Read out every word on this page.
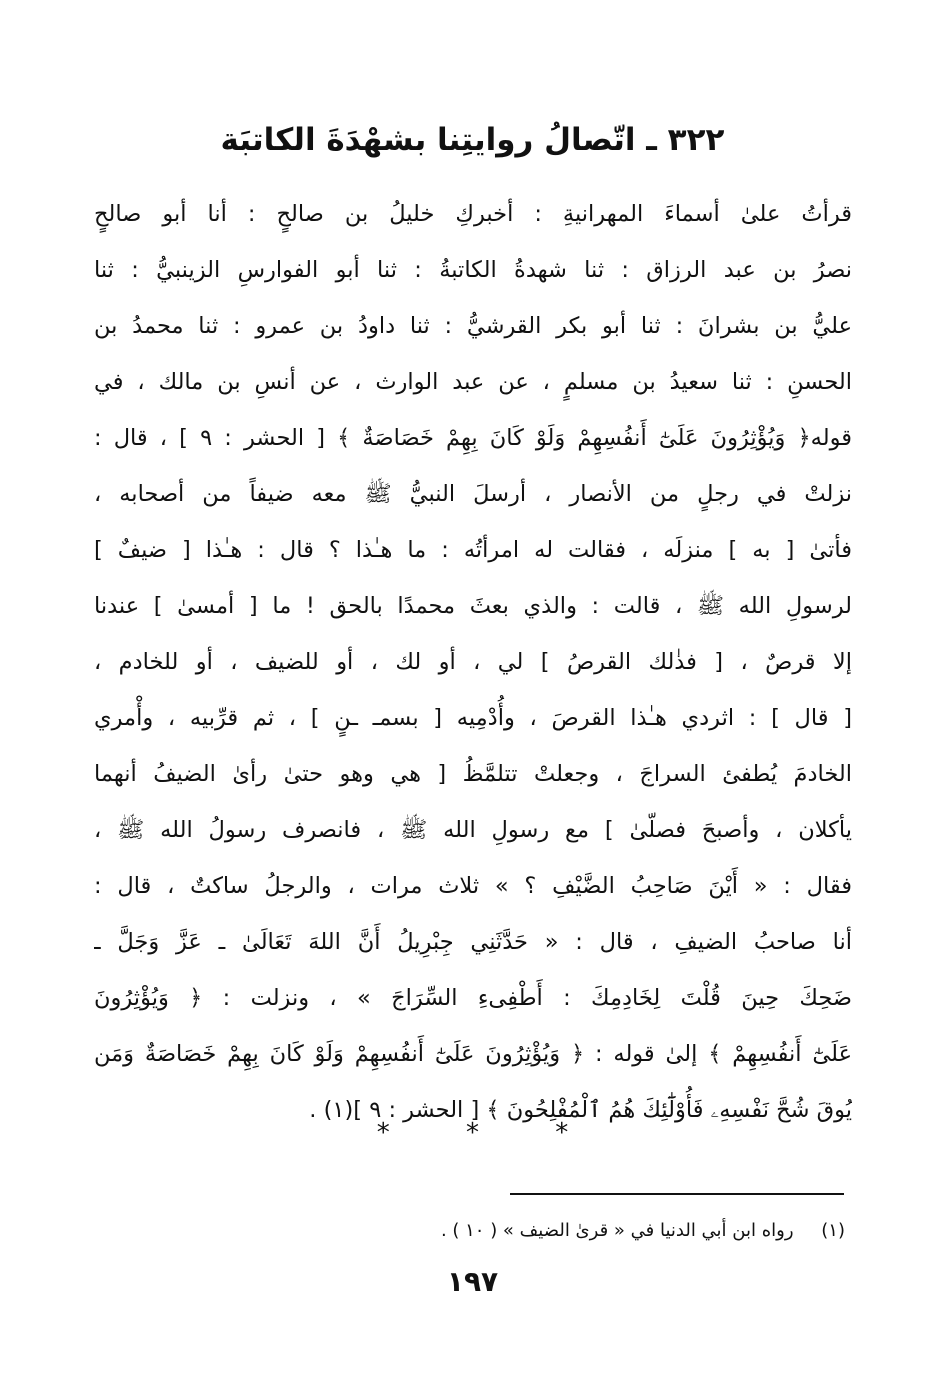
٣٢٢ ـ اتّصالُ روايتِنا بشهْدَةَ الكاتبَة
قرأتُ علىٰ أسماءَ المهرانيةِ : أخبركِ خليلُ بن صالحٍ : أنا أبو صالحٍ
نصرُ بن عبد الرزاق : ثنا شهدةُ الكاتبةُ : ثنا أبو الفوارسِ الزينبيُّ : ثنا
عليُّ بن بشرانَ : ثنا أبو بكر القرشيُّ : ثنا داودُ بن عمرو : ثنا محمدُ بن
الحسنِ : ثنا سعيدُ بن مسلمٍ ، عن عبد الوارث ، عن أنسِ بن مالك ، في
قوله﴿ وَيُؤْثِرُونَ عَلَىٰٓ أَنفُسِهِمْ وَلَوْ كَانَ بِهِمْ خَصَاصَةٌ ﴾ [ الحشر : ٩ ] ، قال :
نزلتْ في رجلٍ من الأنصار ، أرسلَ النبيُّ ﷺ معه ضيفاً من أصحابه ،
فأتىٰ [ به ] منزلَه ، فقالت له امرأتُه : ما هـٰذا ؟ قال : هـٰذا [ ضيفٌ ]
لرسولِ الله ﷺ ، قالت : والذي بعثَ محمدًا بالحق ! ما [ أمسىٰ ] عندنا
إلا قرصٌ ، [ فذٰلك القرصُ ] لي ، أو لك ، أو للضيف ، أو للخادم ،
[ قال ] : اثردي هـٰذا القرصَ ، وأُدْمِيه [ بسمـ ـنٍ ] ، ثم قرِّبيه ، وأْمري
الخادمَ يُطفئ السراجَ ، وجعلتْ تتلمَّظُ [ هي وهو حتىٰ رأىٰ الضيفُ أنهما
يأكلان ، وأصبحَ فصلّىٰ ] مع رسولِ الله ﷺ ، فانصرف رسولُ الله ﷺ ،
فقال : « أَيْنَ صَاحِبُ الضَّيْفِ ؟ » ثلاث مرات ، والرجلُ ساكتٌ ، قال :
أنا صاحبُ الضيفِ ، قال : « حَدَّثَنِي جِبْرِيلُ أَنَّ اللهَ تَعَالَىٰ ـ عَزَّ وَجَلَّ ـ
ضَحِكَ حِينَ قُلْتَ لِخَادِمِكَ : أَطْفِىءِ السِّرَاجَ » ، ونزلت : ﴿ وَيُؤْثِرُونَ
عَلَىٰٓ أَنفُسِهِمْ ﴾ إلىٰ قوله : ﴿ وَيُؤْثِرُونَ عَلَىٰٓ أَنفُسِهِمْ وَلَوْ كَانَ بِهِمْ خَصَاصَةٌ وَمَن
يُوقَ شُحَّ نَفْسِهِۦ فَأُوْلَٰٓئِكَ هُمُ ٱلْمُفْلِحُونَ ﴾ [ الحشر : ٩ ](١) .
* * *
(١) رواه ابن أبي الدنيا في « قرىٰ الضيف » ( ١٠ ) .
١٩٧
